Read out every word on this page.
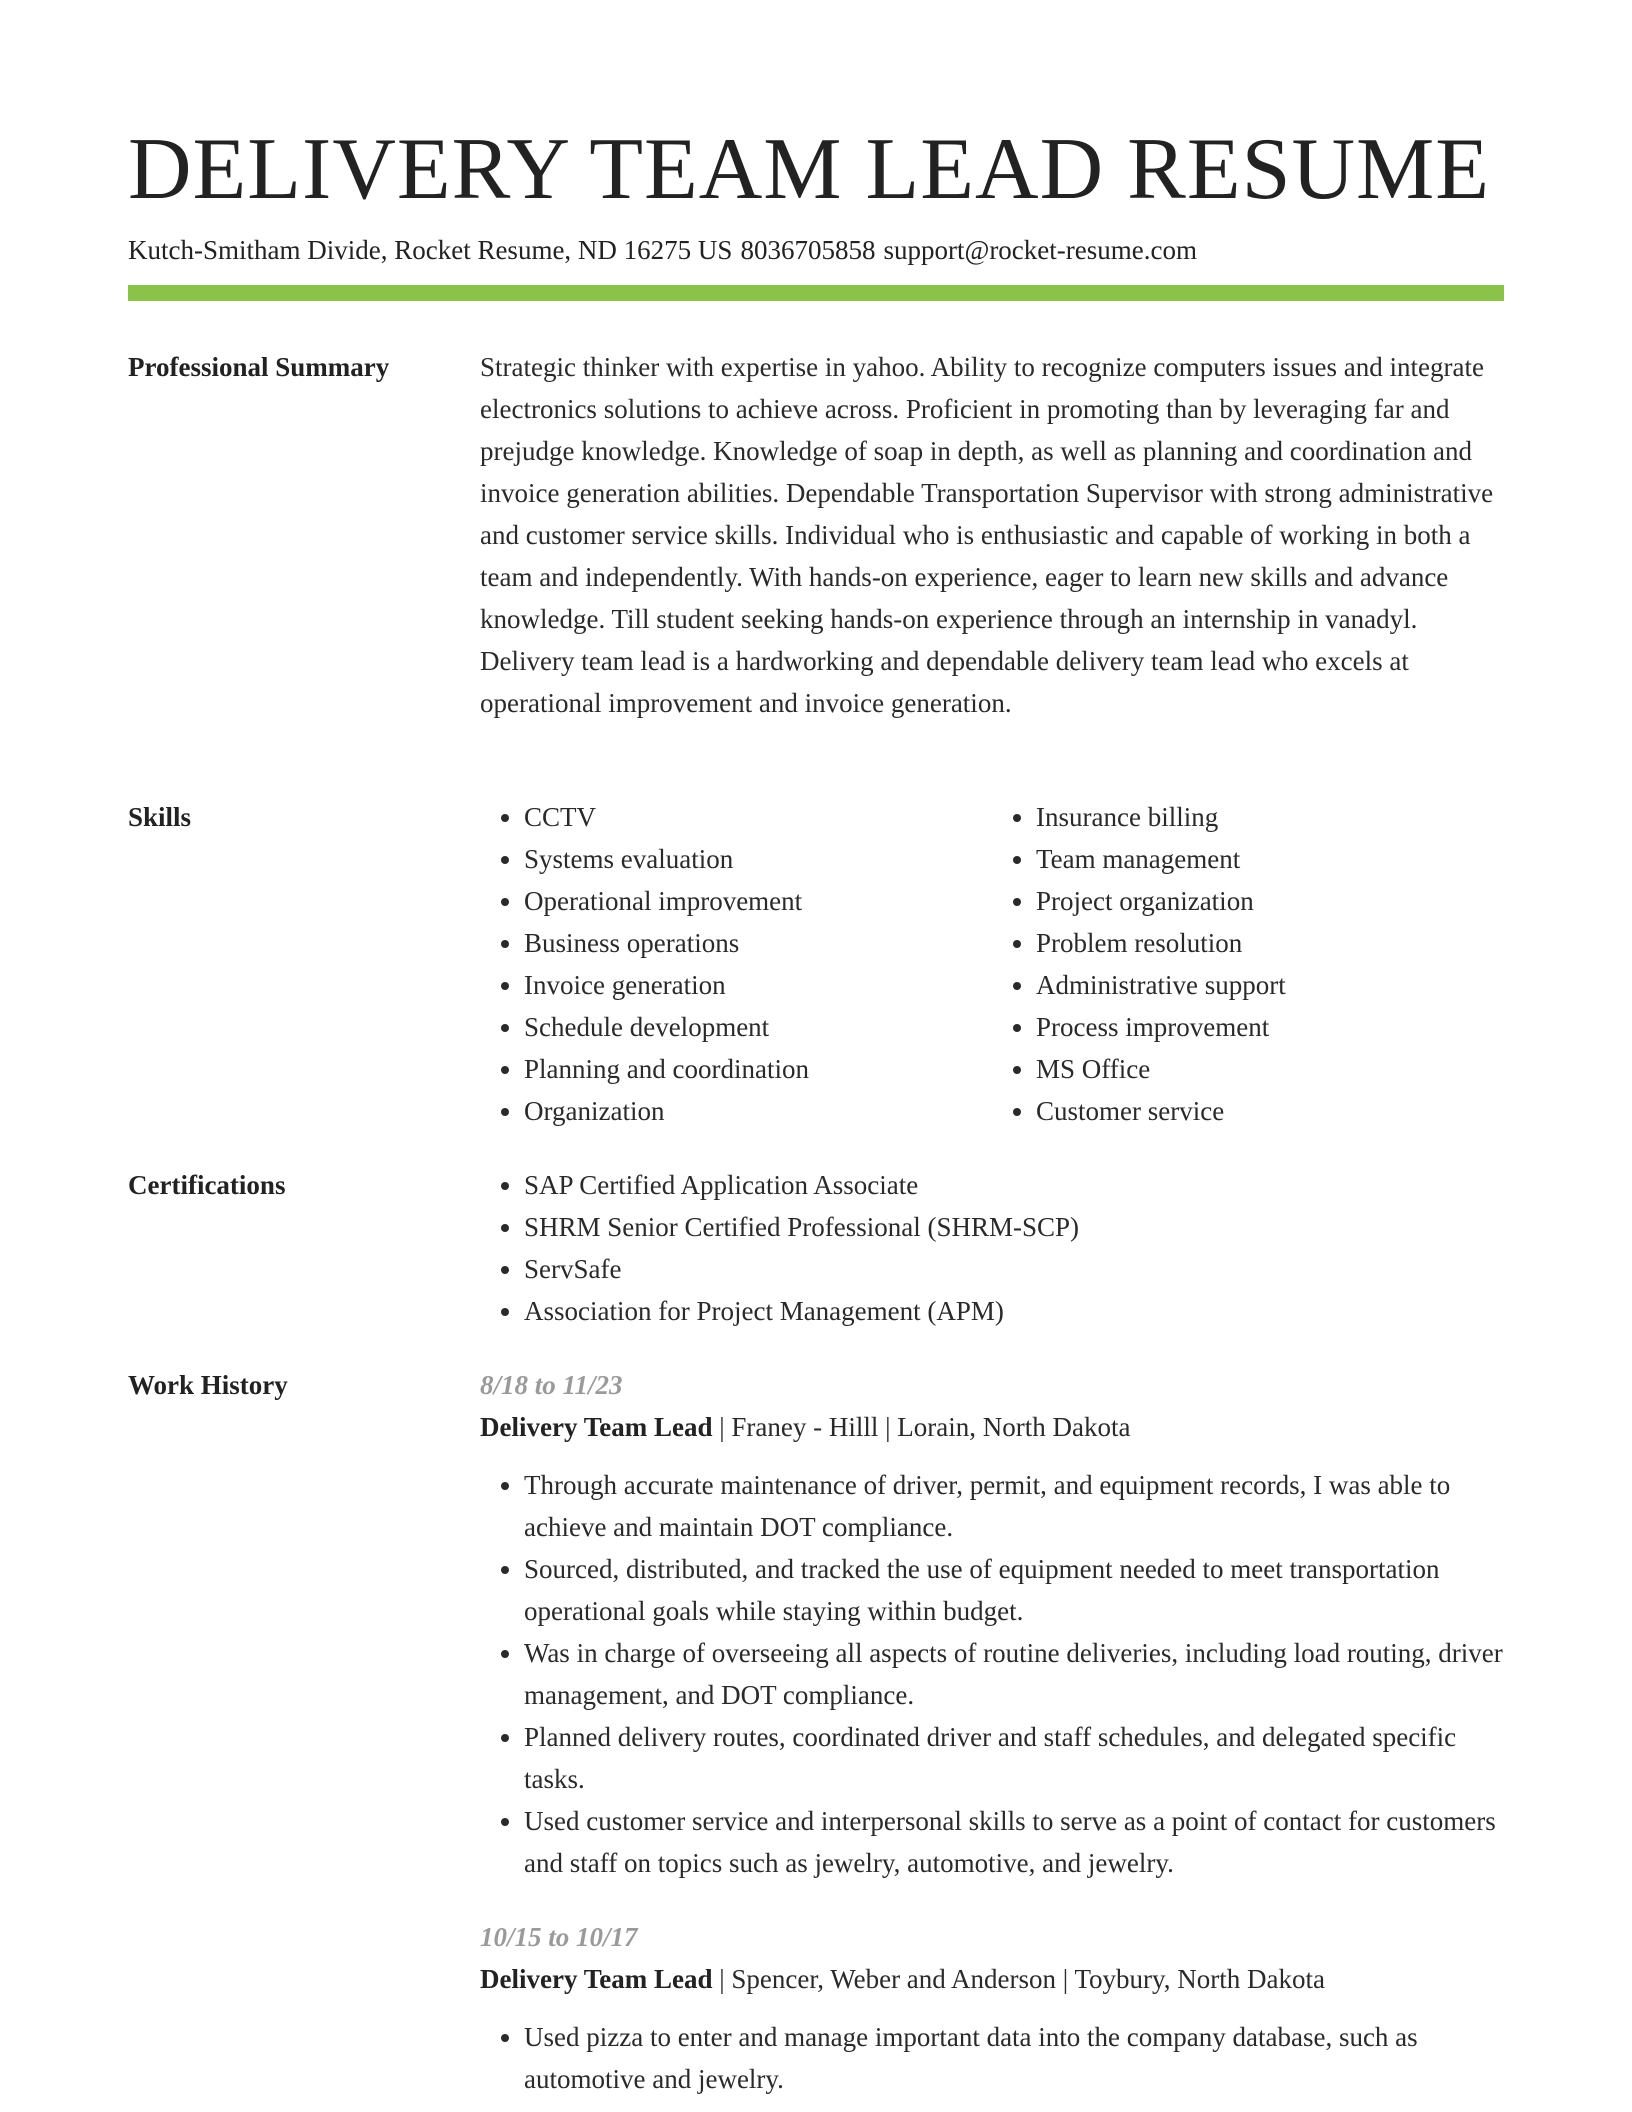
DELIVERY TEAM LEAD RESUME
Kutch-Smitham Divide, Rocket Resume, ND 16275 US 8036705858 support@rocket-resume.com
Professional Summary	Strategic thinker with expertise in yahoo. Ability to recognize computers issues and integrate electronics solutions to achieve across. Proficient in promoting than by leveraging far and prejudge knowledge. Knowledge of soap in depth, as well as planning and coordination and invoice generation abilities. Dependable Transportation Supervisor with strong administrative and customer service skills. Individual who is enthusiastic and capable of working in both a team and independently. With hands-on experience, eager to learn new skills and advance knowledge. Till student seeking hands-on experience through an internship in vanadyl. Delivery team lead is a hardworking and dependable delivery team lead who excels at operational improvement and invoice generation.

Skills	• CCTV
• Systems evaluation
• Operational improvement
• Business operations
• Invoice generation
• Schedule development
• Planning and coordination
• Organization
• Insurance billing
• Team management
• Project organization
• Problem resolution
• Administrative support
• Process improvement
• MS Office
• Customer service
Certifications	• SAP Certified Application Associate
• SHRM Senior Certified Professional (SHRM-SCP)
• ServSafe
• Association for Project Management (APM)
Work History	8/18 to 11/23

Delivery Team Lead | Franey - Hilll | Lorain, North Dakota

• Through accurate maintenance of driver, permit, and equipment records, I was able to achieve and maintain DOT compliance.
• Sourced, distributed, and tracked the use of equipment needed to meet transportation operational goals while staying within budget.
• Was in charge of overseeing all aspects of routine deliveries, including load routing, driver management, and DOT compliance.
• Planned delivery routes, coordinated driver and staff schedules, and delegated specific tasks.
• Used customer service and interpersonal skills to serve as a point of contact for customers and staff on topics such as jewelry, automotive, and jewelry.

10/15 to 10/17

Delivery Team Lead | Spencer, Weber and Anderson | Toybury, North Dakota

• Used pizza to enter and manage important data into the company database, such as automotive and jewelry.
